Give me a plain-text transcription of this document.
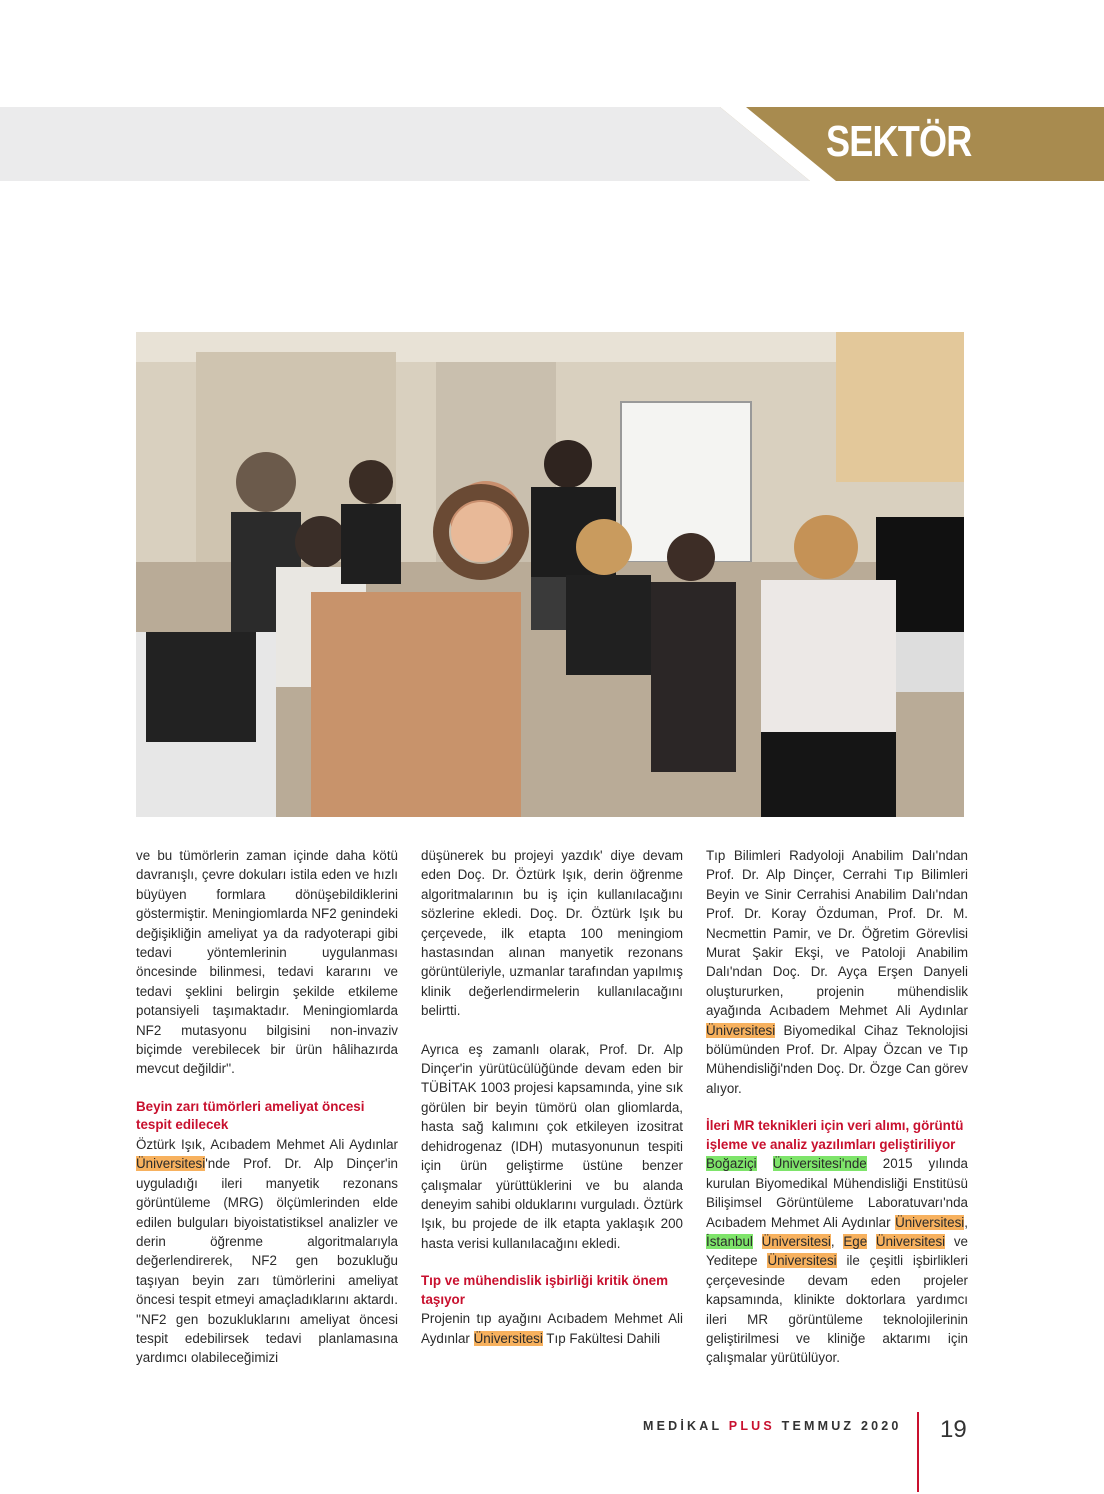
SEKTÖR

ve bu tümörlerin zaman içinde daha kötü davranışlı, çevre dokuları istila eden ve hızlı büyüyen formlara dönüşebildiklerini göstermiştir. Meningiomlarda NF2 genindeki değişikliğin ameliyat ya da radyoterapi gibi tedavi yöntemlerinin uygulanması öncesinde bilinmesi, tedavi kararını ve tedavi şeklini belirgin şekilde etkileme potansiyeli taşımaktadır. Meningiomlarda NF2 mutasyonu bilgisini non-invaziv biçimde verebilecek bir ürün hâlihazırda mevcut değildir''.

Beyin zarı tümörleri ameliyat öncesi tespit edilecek

Öztürk Işık, Acıbadem Mehmet Ali Aydınlar Üniversitesi'nde Prof. Dr. Alp Dinçer'in uyguladığı ileri manyetik rezonans görüntüleme (MRG) ölçümlerinden elde edilen bulguları biyoistatistiksel analizler ve derin öğrenme algoritmalarıyla değerlendirerek, NF2 gen bozukluğu taşıyan beyin zarı tümörlerini ameliyat öncesi tespit etmeyi amaçladıklarını aktardı. ''NF2 gen bozukluklarını ameliyat öncesi tespit edebilirsek tedavi planlamasına yardımcı olabileceğimizi

düşünerek bu projeyi yazdık' diye devam eden Doç. Dr. Öztürk Işık, derin öğrenme algoritmalarının bu iş için kullanılacağını sözlerine ekledi. Doç. Dr. Öztürk Işık bu çerçevede, ilk etapta 100 meningiom hastasından alınan manyetik rezonans görüntüleriyle, uzmanlar tarafından yapılmış klinik değerlendirmelerin kullanılacağını belirtti.

Ayrıca eş zamanlı olarak, Prof. Dr. Alp Dinçer'in yürütücülüğünde devam eden bir TÜBİTAK 1003 projesi kapsamında, yine sık görülen bir beyin tümörü olan gliomlarda, hasta sağ kalımını çok etkileyen izositrat dehidrogenaz (IDH) mutasyonunun tespiti için ürün geliştirme üstüne benzer çalışmalar yürüttüklerini ve bu alanda deneyim sahibi olduklarını vurguladı. Öztürk Işık, bu projede de ilk etapta yaklaşık 200 hasta verisi kullanılacağını ekledi.

Tıp ve mühendislik işbirliği kritik önem taşıyor

Projenin tıp ayağını Acıbadem Mehmet Ali Aydınlar Üniversitesi Tıp Fakültesi Dahili

Tıp Bilimleri Radyoloji Anabilim Dalı'ndan Prof. Dr. Alp Dinçer, Cerrahi Tıp Bilimleri Beyin ve Sinir Cerrahisi Anabilim Dalı'ndan Prof. Dr. Koray Özduman, Prof. Dr. M. Necmettin Pamir, ve Dr. Öğretim Görevlisi Murat Şakir Ekşi, ve Patoloji Anabilim Dalı'ndan Doç. Dr. Ayça Erşen Danyeli oluştururken, projenin mühendislik ayağında Acıbadem Mehmet Ali Aydınlar Üniversitesi Biyomedikal Cihaz Teknolojisi bölümünden Prof. Dr. Alpay Özcan ve Tıp Mühendisliği'nden Doç. Dr. Özge Can görev alıyor.

İleri MR teknikleri için veri alımı, görüntü işleme ve analiz yazılımları geliştiriliyor

Boğaziçi Üniversitesi'nde 2015 yılında kurulan Biyomedikal Mühendisliği Enstitüsü Bilişimsel Görüntüleme Laboratuvarı'nda Acıbadem Mehmet Ali Aydınlar Üniversitesi, İstanbul Üniversitesi, Ege Üniversitesi ve Yeditepe Üniversitesi ile çeşitli işbirlikleri çerçevesinde devam eden projeler kapsamında, klinikte doktorlara yardımcı ileri MR görüntüleme teknolojilerinin geliştirilmesi ve kliniğe aktarımı için çalışmalar yürütülüyor.

MEDİKAL PLUS TEMMUZ 2020 19
